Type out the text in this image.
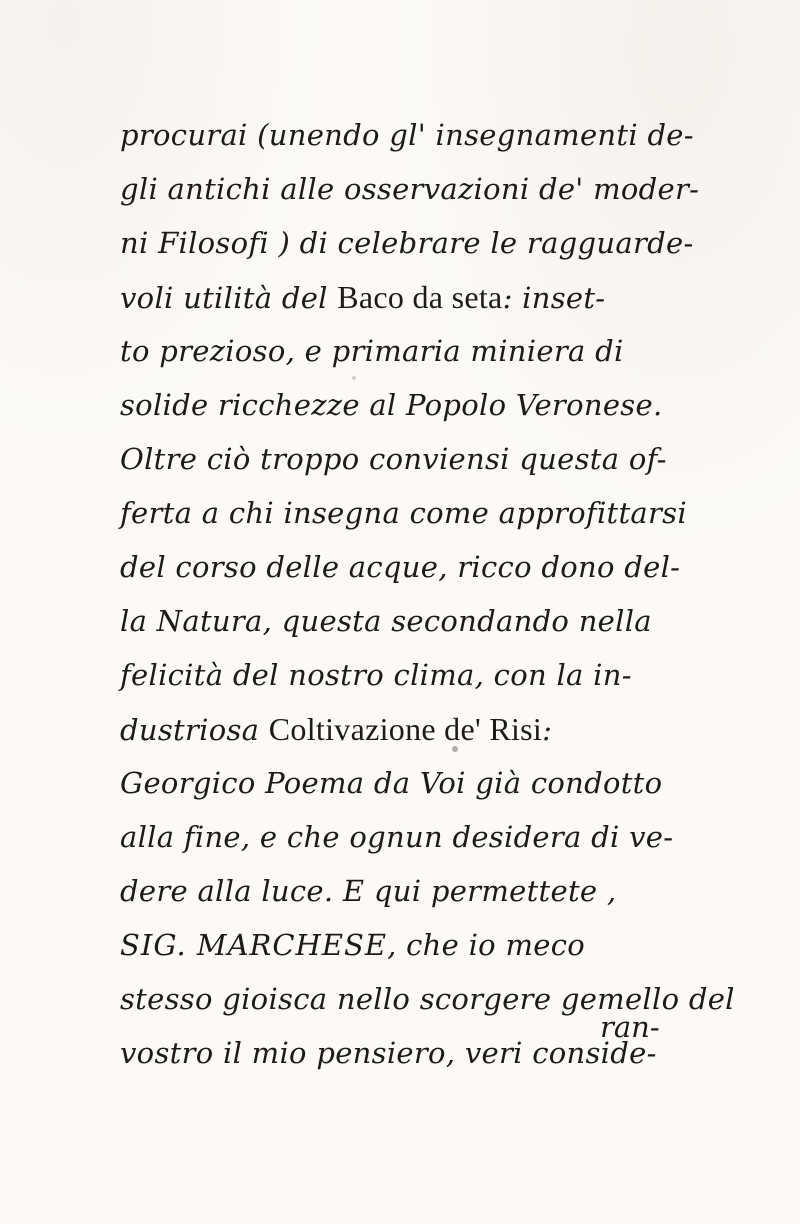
procurai (unendo gl' insegnamenti de-
gli antichi alle osservazioni de' moder-
ni Filosofi ) di celebrare le ragguarde-
voli utilità del Baco da seta: inset-
to prezioso, e primaria miniera di
solide ricchezze al Popolo Veronese.
Oltre ciò troppo conviensi questa of-
ferta a chi insegna come approfittarsi
del corso delle acque, ricco dono del-
la Natura, questa secondando nella
felicità del nostro clima, con la in-
dustriosa Coltivazione de' Risi:
Georgico Poema da Voi già condotto
alla fine, e che ognun desidera di ve-
dere alla luce. E qui permettete ,
SIG. MARCHESE, che io meco
stesso gioisca nello scorgere gemello del
vostro il mio pensiero, veri conside-
ran-
